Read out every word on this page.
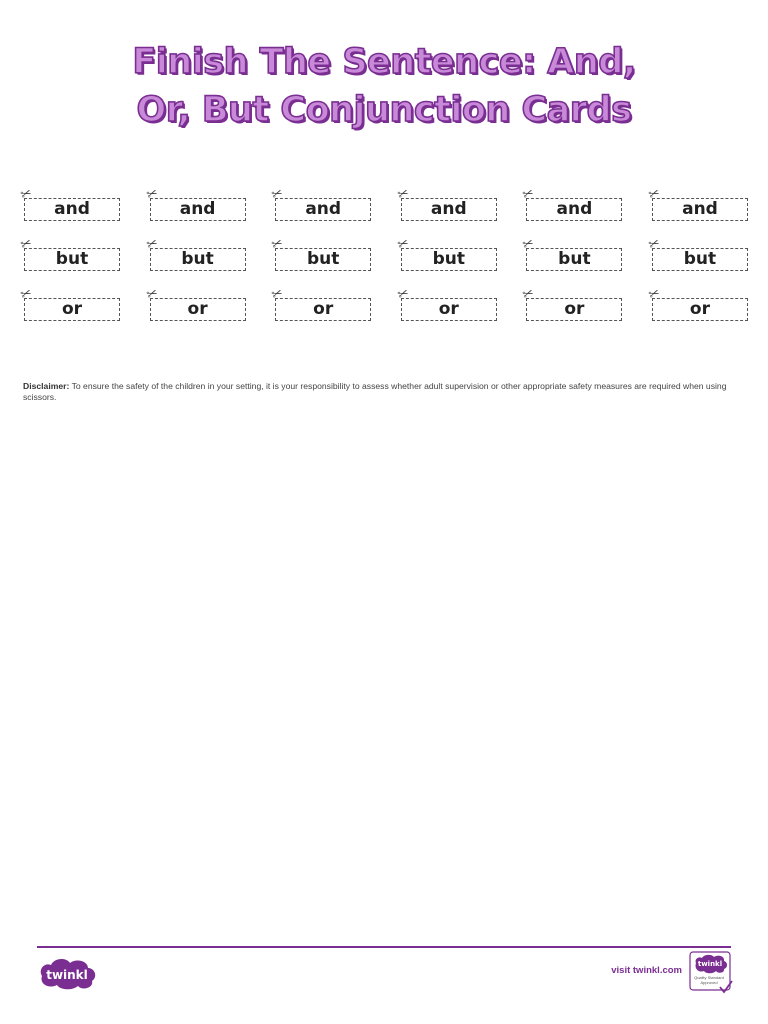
Finish The Sentence: And,
Or, But Conjunction Cards
✂
and
✂
and
✂
and
✂
and
✂
and
✂
and
✂
but
✂
but
✂
but
✂
but
✂
but
✂
but
✂
or
✂
or
✂
or
✂
or
✂
or
✂
or

Disclaimer: To ensure the safety of the children in your setting, it is your responsibility to assess whether adult supervision or other appropriate safety measures are required when using scissors.

twinkl	visit twinkl.com
twinkl
Quality Standard
Approved
